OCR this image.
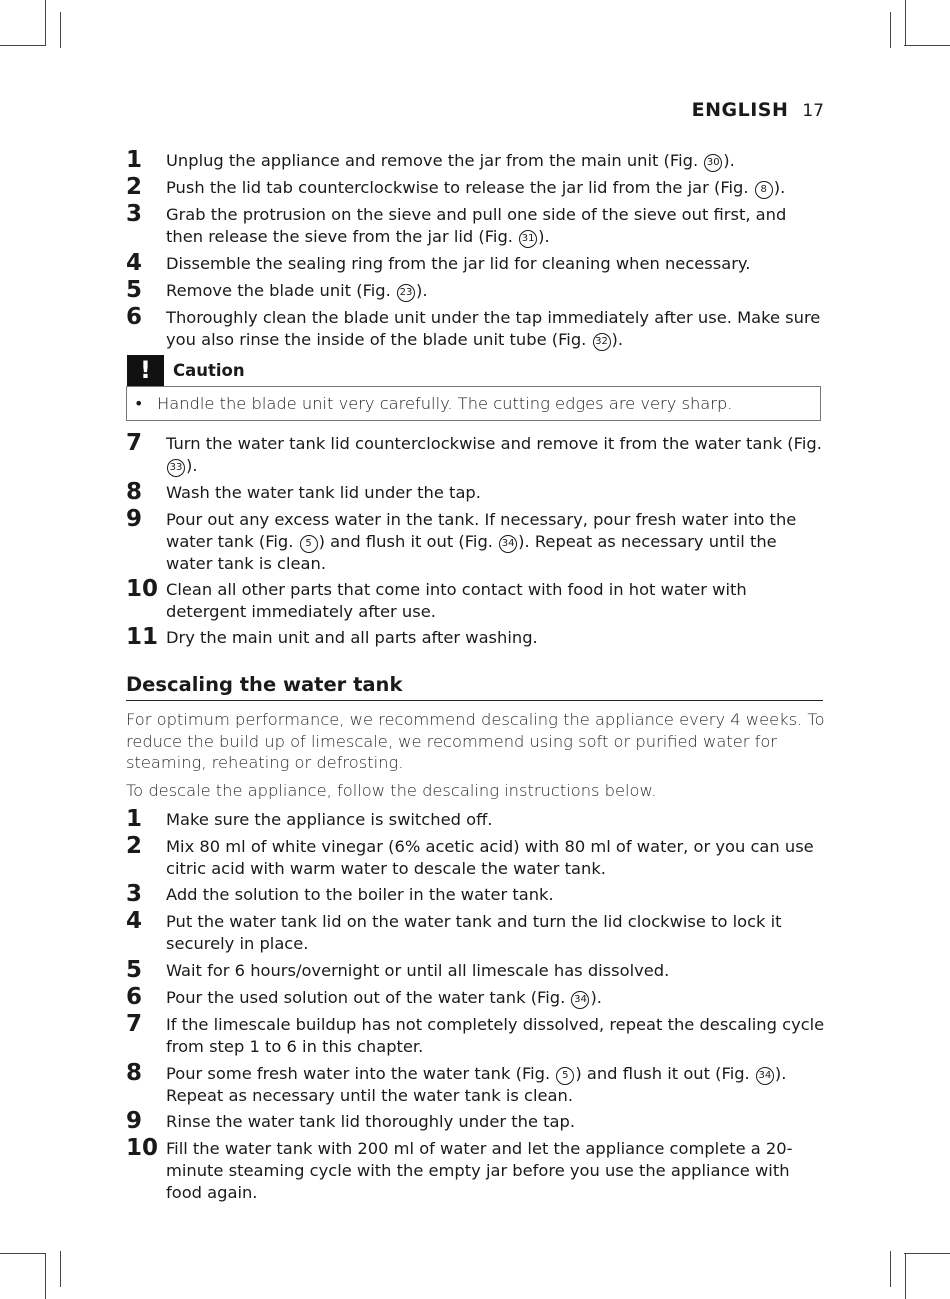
ENGLISH 17
1	Unplug the appliance and remove the jar from the main unit (Fig. 30 ).
2	Push the lid tab counterclockwise to release the jar lid from the jar (Fig. 8 ).
3	Grab the protrusion on the sieve and pull one side of the sieve out first, and then release the sieve from the jar lid (Fig. 31 ).
4	Dissemble the sealing ring from the jar lid for cleaning when necessary.
5	Remove the blade unit (Fig. 23 ).
6	Thoroughly clean the blade unit under the tap immediately after use. Make sure you also rinse the inside of the blade unit tube (Fig. 32 ).
!	Caution
• Handle the blade unit very carefully. The cutting edges are very sharp.
7	Turn the water tank lid counterclockwise and remove it from the water tank (Fig. 33 ).
8	Wash the water tank lid under the tap.
9	Pour out any excess water in the tank. If necessary, pour fresh water into the water tank (Fig. 5 ) and flush it out (Fig. 34 ). Repeat as necessary until the water tank is clean.
10 Clean all other parts that come into contact with food in hot water with detergent immediately after use.
11 Dry the main unit and all parts after washing.
Descaling the water tank
For optimum performance, we recommend descaling the appliance every 4 weeks. To reduce the build up of limescale, we recommend using soft or purified water for steaming, reheating or defrosting.
To descale the appliance, follow the descaling instructions below.
1	Make sure the appliance is switched off.
2	Mix 80 ml of white vinegar (6% acetic acid) with 80 ml of water, or you can use citric acid with warm water to descale the water tank.
3	Add the solution to the boiler in the water tank.
4	Put the water tank lid on the water tank and turn the lid clockwise to lock it securely in place.
5	Wait for 6 hours/overnight or until all limescale has dissolved.
6	Pour the used solution out of the water tank (Fig. 34 ).
7	If the limescale buildup has not completely dissolved, repeat the descaling cycle from step 1 to 6 in this chapter.
8	Pour some fresh water into the water tank (Fig. 5 ) and flush it out (Fig. 34 ). Repeat as necessary until the water tank is clean.
9	Rinse the water tank lid thoroughly under the tap.
10 Fill the water tank with 200 ml of water and let the appliance complete a 20-minute steaming cycle with the empty jar before you use the appliance with food again.
